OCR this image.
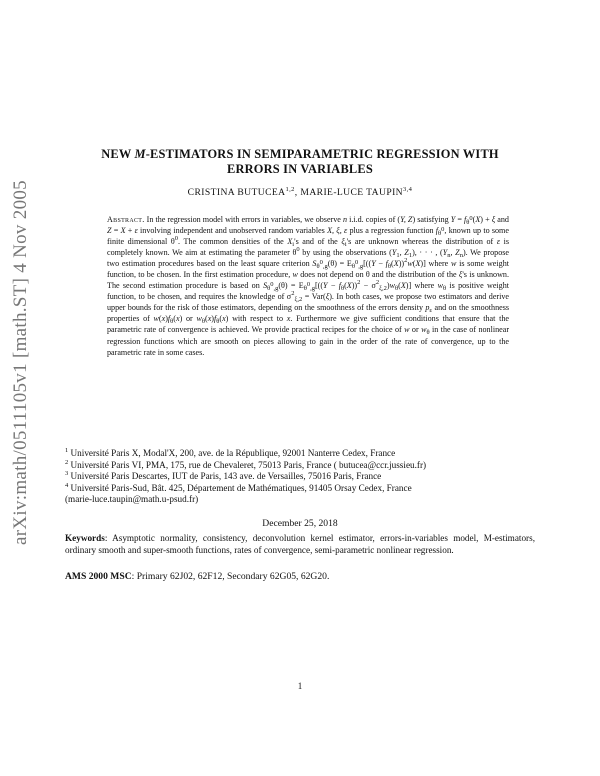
arXiv:math/0511105v1 [math.ST] 4 Nov 2005
NEW M-ESTIMATORS IN SEMIPARAMETRIC REGRESSION WITH
ERRORS IN VARIABLES
CRISTINA BUTUCEA$^{1,2}$, MARIE-LUCE TAUPIN$^{3,4}$
Abstract. In the regression model with errors in variables, we observe n i.i.d. copies of (Y, Z) satisfying $Y = f_{\theta^0}(X) + \xi$ and Z = X + ε involving independent and unobserved random variables X, ξ, ε plus a regression function $f_{\theta^0}$, known up to some finite dimensional $\theta^0$. The common densities of the $X_i's$ and of the $\xi_i's$ are unknown whereas the distribution of ε is completely known. We aim at estimating the parameter $\theta^0$ by using the observations ($Y_1$, $Z_1$), · · · , ($Y_n$, $Z_n$). We propose two estimation procedures based on the least square criterion $S_{\theta^0,g}(\theta) = E_{\theta^0,g}[((Y - f_\theta(X))^2w(X)]$ where w is some weight function, to be chosen. In the first estimation procedure, w does not depend on θ and the distribution of the ξ's is unknown. The second estimation procedure is based on $S_{\theta^0,g}(\theta) = E_{\theta^0,g}[((Y - f_\theta(X))^2 - \sigma^2_{\xi,2})w_\theta(X)]$ where $w_\theta$ is positive weight function, to be chosen, and requires the knowledge of $\sigma^2_{\xi,2} = Var(\xi)$. In both cases, we propose two estimators and derive upper bounds for the risk of those estimators, depending on the smoothness of the errors density $p_\varepsilon$ and on the smoothness properties of $w(x)f_\theta(x)$ or $w_\theta(x)f_\theta(x)$ with respect to x. Furthermore we give sufficient conditions that ensure that the parametric rate of convergence is achieved. We provide practical recipes for the choice of w or $w_\theta$ in the case of nonlinear regression functions which are smooth on pieces allowing to gain in the order of the rate of convergence, up to the parametric rate in some cases.
$^1$ Université Paris X, Modal'X, 200, ave. de la République, 92001 Nanterre Cedex, France
$^2$ Université Paris VI, PMA, 175, rue de Chevaleret, 75013 Paris, France ( butucea@ccr.jussieu.fr)
$^3$ Université Paris Descartes, IUT de Paris, 143 ave. de Versailles, 75016 Paris, France
$^4$ Université Paris-Sud, Bât. 425, Département de Mathématiques, 91405 Orsay Cedex, France
(marie-luce.taupin@math.u-psud.fr)
December 25, 2018
Keywords: Asymptotic normality, consistency, deconvolution kernel estimator, errors-in-variables model, M-estimators, ordinary smooth and super-smooth functions, rates of convergence, semi-parametric nonlinear regression.
AMS 2000 MSC: Primary 62J02, 62F12, Secondary 62G05, 62G20.
1
